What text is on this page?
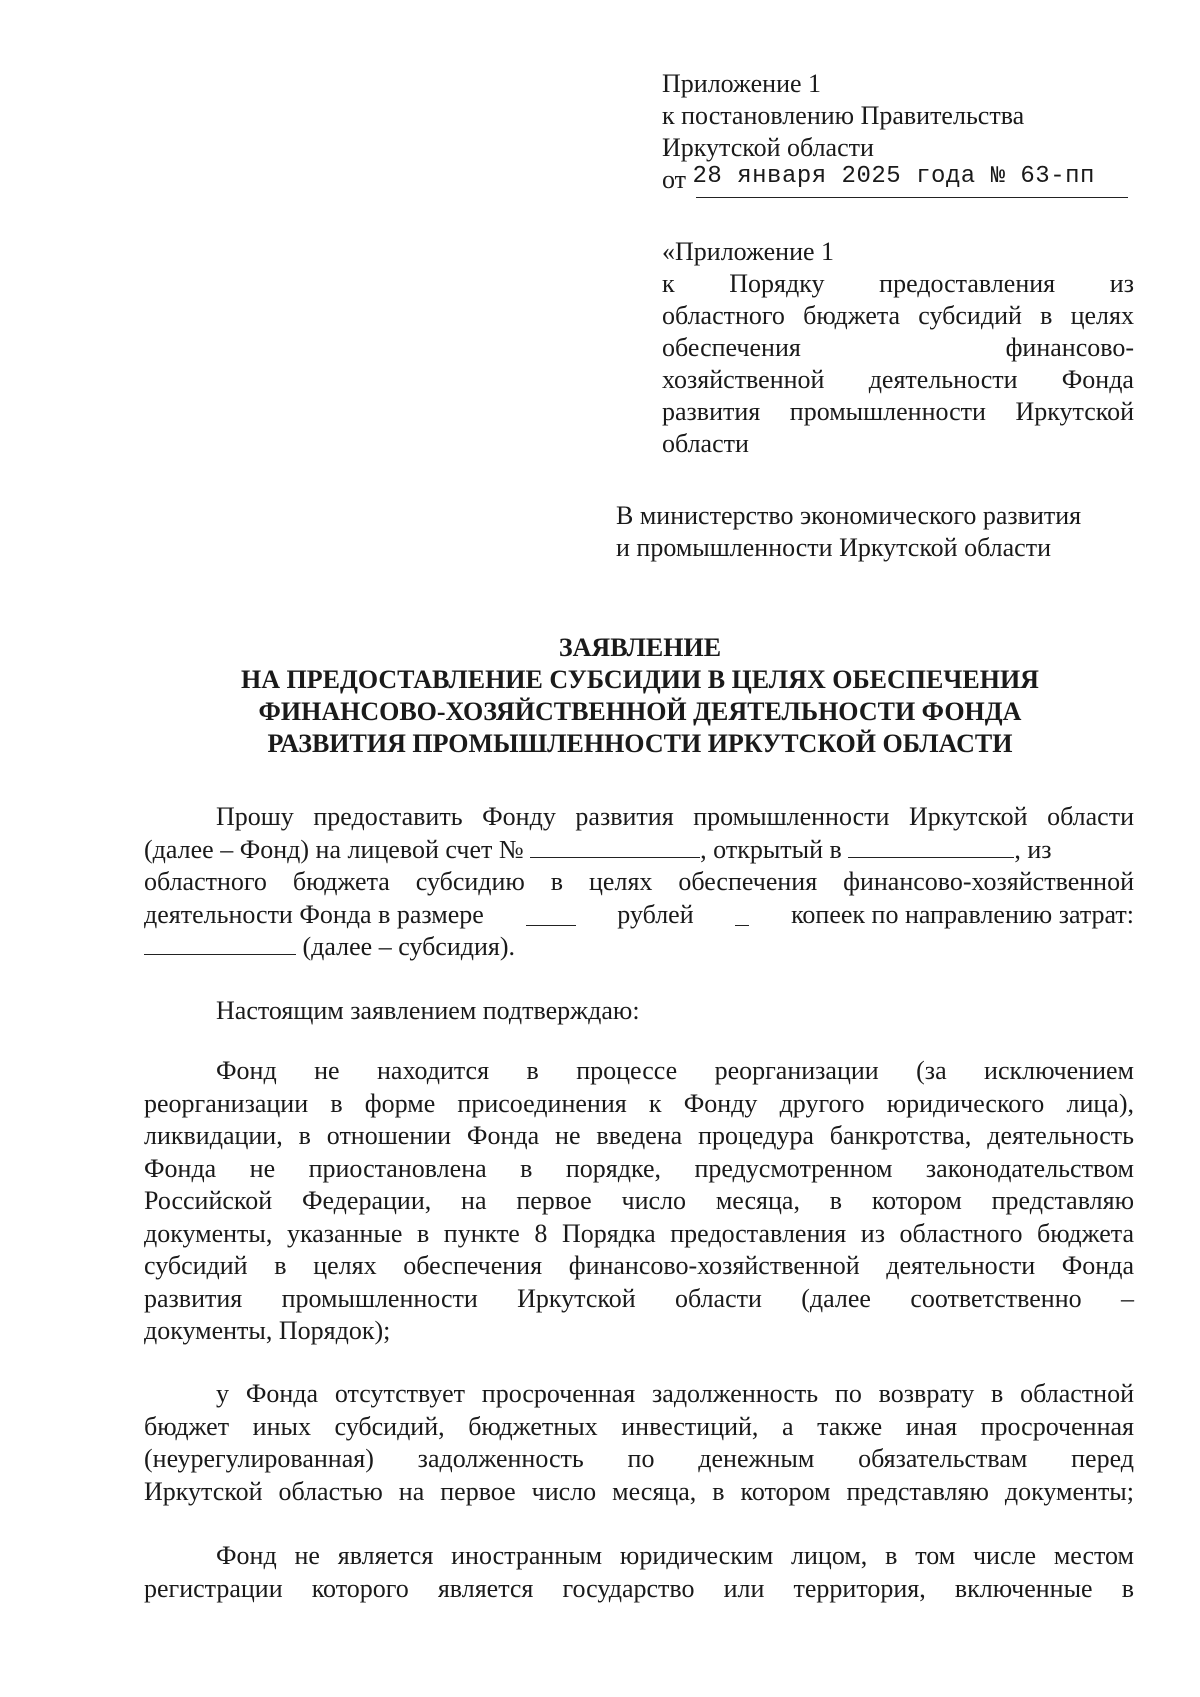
Приложение 1
к постановлению Правительства
Иркутской области
от 28 января 2025 года № 63-пп
«Приложение 1
к Порядку предоставления из
областного бюджета субсидий в целях
обеспечения	финансово-
хозяйственной деятельности Фонда
развития промышленности Иркутской
области
В министерство экономического развития
и промышленности Иркутской области
ЗАЯВЛЕНИЕ
НА ПРЕДОСТАВЛЕНИЕ СУБСИДИИ В ЦЕЛЯХ ОБЕСПЕЧЕНИЯ
ФИНАНСОВО-ХОЗЯЙСТВЕННОЙ ДЕЯТЕЛЬНОСТИ ФОНДА
РАЗВИТИЯ ПРОМЫШЛЕННОСТИ ИРКУТСКОЙ ОБЛАСТИ
Прошу предоставить Фонду развития промышленности Иркутской области
(далее – Фонд) на лицевой счет №	, открытый в	, из
областного бюджета субсидию в целях обеспечения финансово-хозяйственной
деятельности Фонда в размере	рублей	копеек по направлению затрат:
(далее – субсидия).
Настоящим заявлением подтверждаю:
Фонд не находится в процессе реорганизации (за исключением
реорганизации в форме присоединения к Фонду другого юридического лица),
ликвидации, в отношении Фонда не введена процедура банкротства, деятельность
Фонда не приостановлена в порядке, предусмотренном законодательством
Российской Федерации, на первое число месяца, в котором представляю
документы, указанные в пункте 8 Порядка предоставления из областного бюджета
субсидий в целях обеспечения финансово-хозяйственной деятельности Фонда
развития промышленности Иркутской области (далее соответственно –
документы, Порядок);
у Фонда отсутствует просроченная задолженность по возврату в областной
бюджет иных субсидий, бюджетных инвестиций, а также иная просроченная
(неурегулированная) задолженность по денежным обязательствам перед
Иркутской областью на первое число месяца, в котором представляю документы;
Фонд не является иностранным юридическим лицом, в том числе местом
регистрации которого является государство или территория, включенные в
